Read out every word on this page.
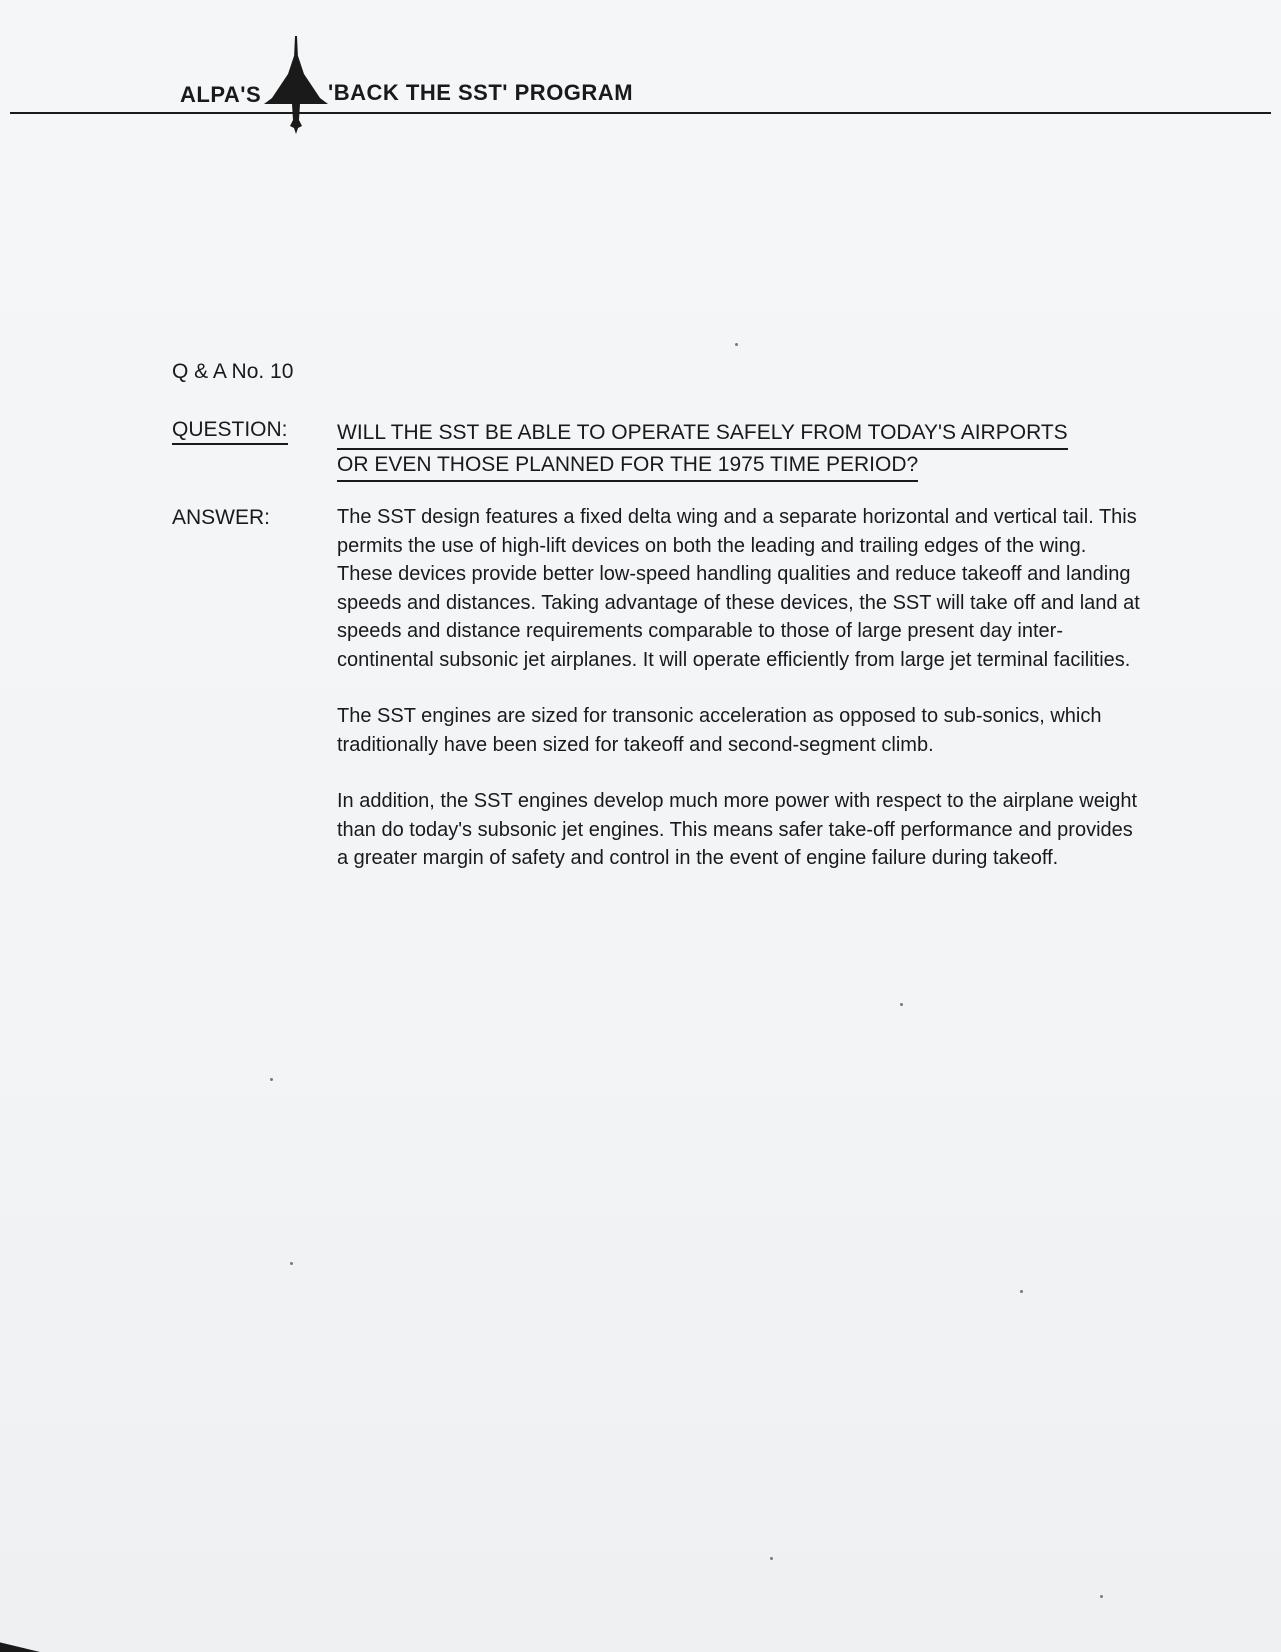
ALPA'S	'BACK THE SST' PROGRAM
Q & A No. 10
QUESTION: WILL THE SST BE ABLE TO OPERATE SAFELY FROM TODAY'S AIRPORTS
OR EVEN THOSE PLANNED FOR THE 1975 TIME PERIOD?
ANSWER:	The SST design features a fixed delta wing and a separate horizontal and vertical tail. This permits the use of high-lift devices on both the leading and trailing edges of the wing. These devices provide better low-speed handling qualities and reduce takeoff and landing speeds and distances. Taking advantage of these devices, the SST will take off and land at speeds and distance requirements comparable to those of large present day inter-continental subsonic jet airplanes. It will operate efficiently from large jet terminal facilities.

The SST engines are sized for transonic acceleration as opposed to sub-sonics, which traditionally have been sized for takeoff and second-segment climb.

In addition, the SST engines develop much more power with respect to the airplane weight than do today's subsonic jet engines. This means safer take-off performance and provides a greater margin of safety and control in the event of engine failure during takeoff.
